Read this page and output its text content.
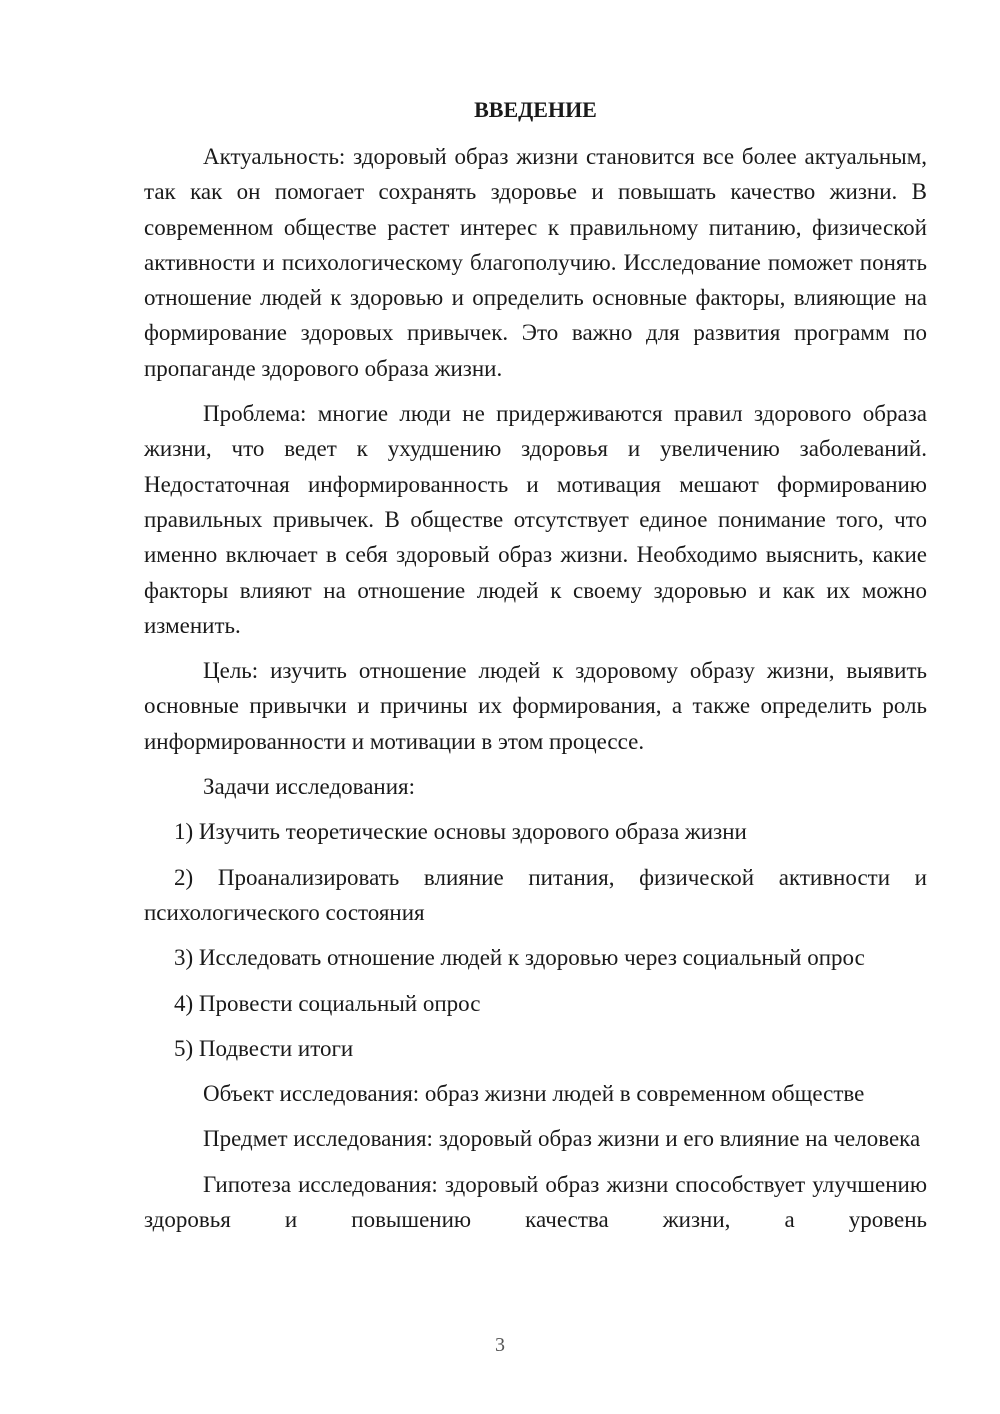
ВВЕДЕНИЕ

Актуальность: здоровый образ жизни становится все более актуальным, так как он помогает сохранять здоровье и повышать качество жизни. В современном обществе растет интерес к правильному питанию, физической активности и психологическому благополучию. Исследование поможет понять отношение людей к здоровью и определить основные факторы, влияющие на формирование здоровых привычек. Это важно для развития программ по пропаганде здорового образа жизни.

Проблема: многие люди не придерживаются правил здорового образа жизни, что ведет к ухудшению здоровья и увеличению заболеваний. Недостаточная информированность и мотивация мешают формированию правильных привычек. В обществе отсутствует единое понимание того, что именно включает в себя здоровый образ жизни. Необходимо выяснить, какие факторы влияют на отношение людей к своему здоровью и как их можно изменить.

Цель: изучить отношение людей к здоровому образу жизни, выявить основные привычки и причины их формирования, а также определить роль информированности и мотивации в этом процессе.

Задачи исследования:

1) Изучить теоретические основы здорового образа жизни

2) Проанализировать влияние питания, физической активности и психологического состояния

3) Исследовать отношение людей к здоровью через социальный опрос

4) Провести социальный опрос

5) Подвести итоги

Объект исследования: образ жизни людей в современном обществе

Предмет исследования: здоровый образ жизни и его влияние на человека

Гипотеза исследования: здоровый образ жизни способствует улучшению здоровья и повышению качества жизни, а уровень

3
